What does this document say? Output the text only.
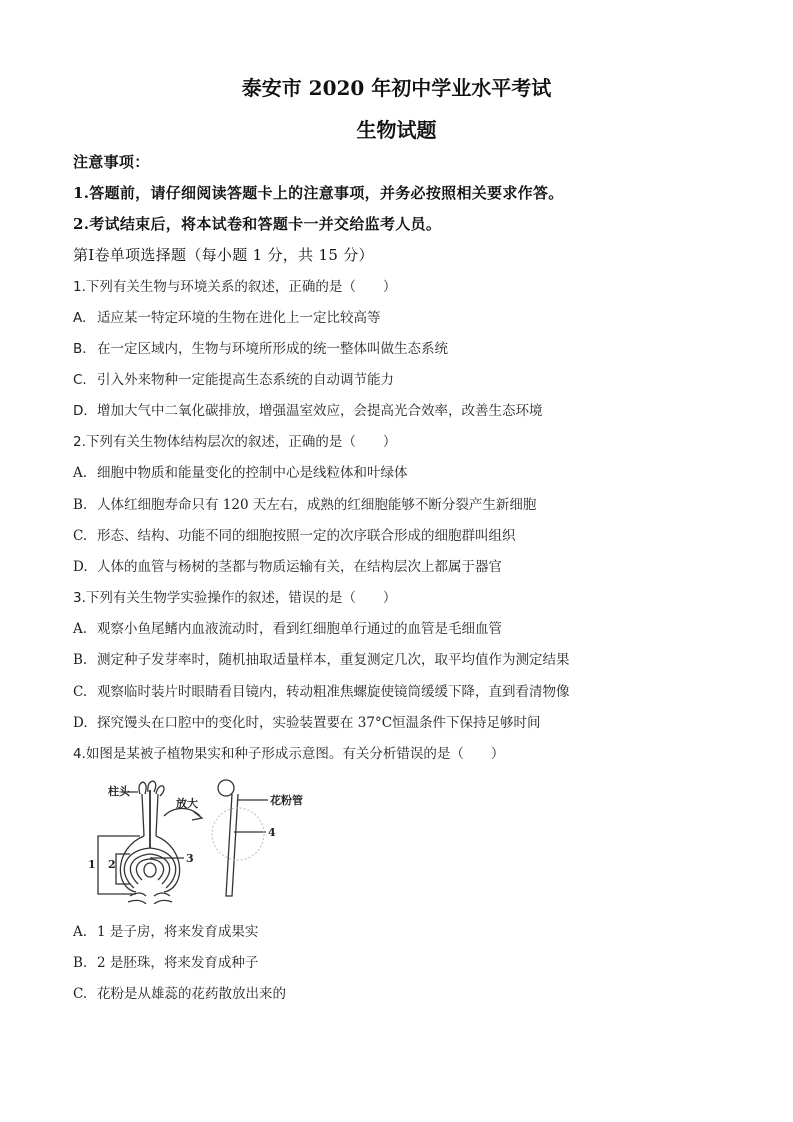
泰安市 2020 年初中学业水平考试
生物试题
注意事项：
1.答题前，请仔细阅读答题卡上的注意事项，并务必按照相关要求作答。
2.考试结束后，将本试卷和答题卡一并交给监考人员。
第Ⅰ卷单项选择题（每小题 1 分，共 15 分）
1.下列有关生物与环境关系的叙述，正确的是（　　）
A. 适应某一特定环境的生物在进化上一定比较高等
B. 在一定区域内，生物与环境所形成的统一整体叫做生态系统
C. 引入外来物种一定能提高生态系统的自动调节能力
D. 增加大气中二氧化碳排放，增强温室效应，会提高光合效率，改善生态环境
2.下列有关生物体结构层次的叙述，正确的是（　　）
A. 细胞中物质和能量变化的控制中心是线粒体和叶绿体
B. 人体红细胞寿命只有 120 天左右，成熟的红细胞能够不断分裂产生新细胞
C. 形态、结构、功能不同的细胞按照一定的次序联合形成的细胞群叫组织
D. 人体的血管与杨树的茎都与物质运输有关，在结构层次上都属于器官
3.下列有关生物学实验操作的叙述，错误的是（　　）
A. 观察小鱼尾鳍内血液流动时，看到红细胞单行通过的血管是毛细血管
B. 测定种子发芽率时，随机抽取适量样本，重复测定几次，取平均值作为测定结果
C. 观察临时装片时眼睛看目镜内，转动粗准焦螺旋使镜筒缓缓下降，直到看清物像
D. 探究馒头在口腔中的变化时，实验装置要在 37°C恒温条件下保持足够时间
4.如图是某被子植物果实和种子形成示意图。有关分析错误的是（　　）
柱头
放大	花粉管
1 2	3
4
A. 1 是子房，将来发育成果实
B. 2 是胚珠，将来发育成种子
C. 花粉是从雄蕊的花药散放出来的
